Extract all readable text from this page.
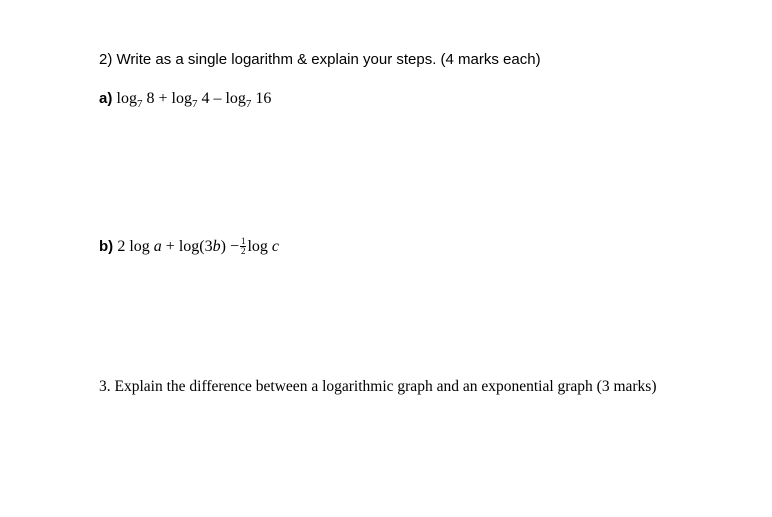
2) Write as a single logarithm & explain your steps. (4 marks each)
a) $\log_7 8 + \log_7 4 - \log_7 16$
b) 2 $\log a + \log(3b) - \frac{1}{2}$ log c
3. Explain the difference between a logarithmic graph and an exponential graph (3 marks)
